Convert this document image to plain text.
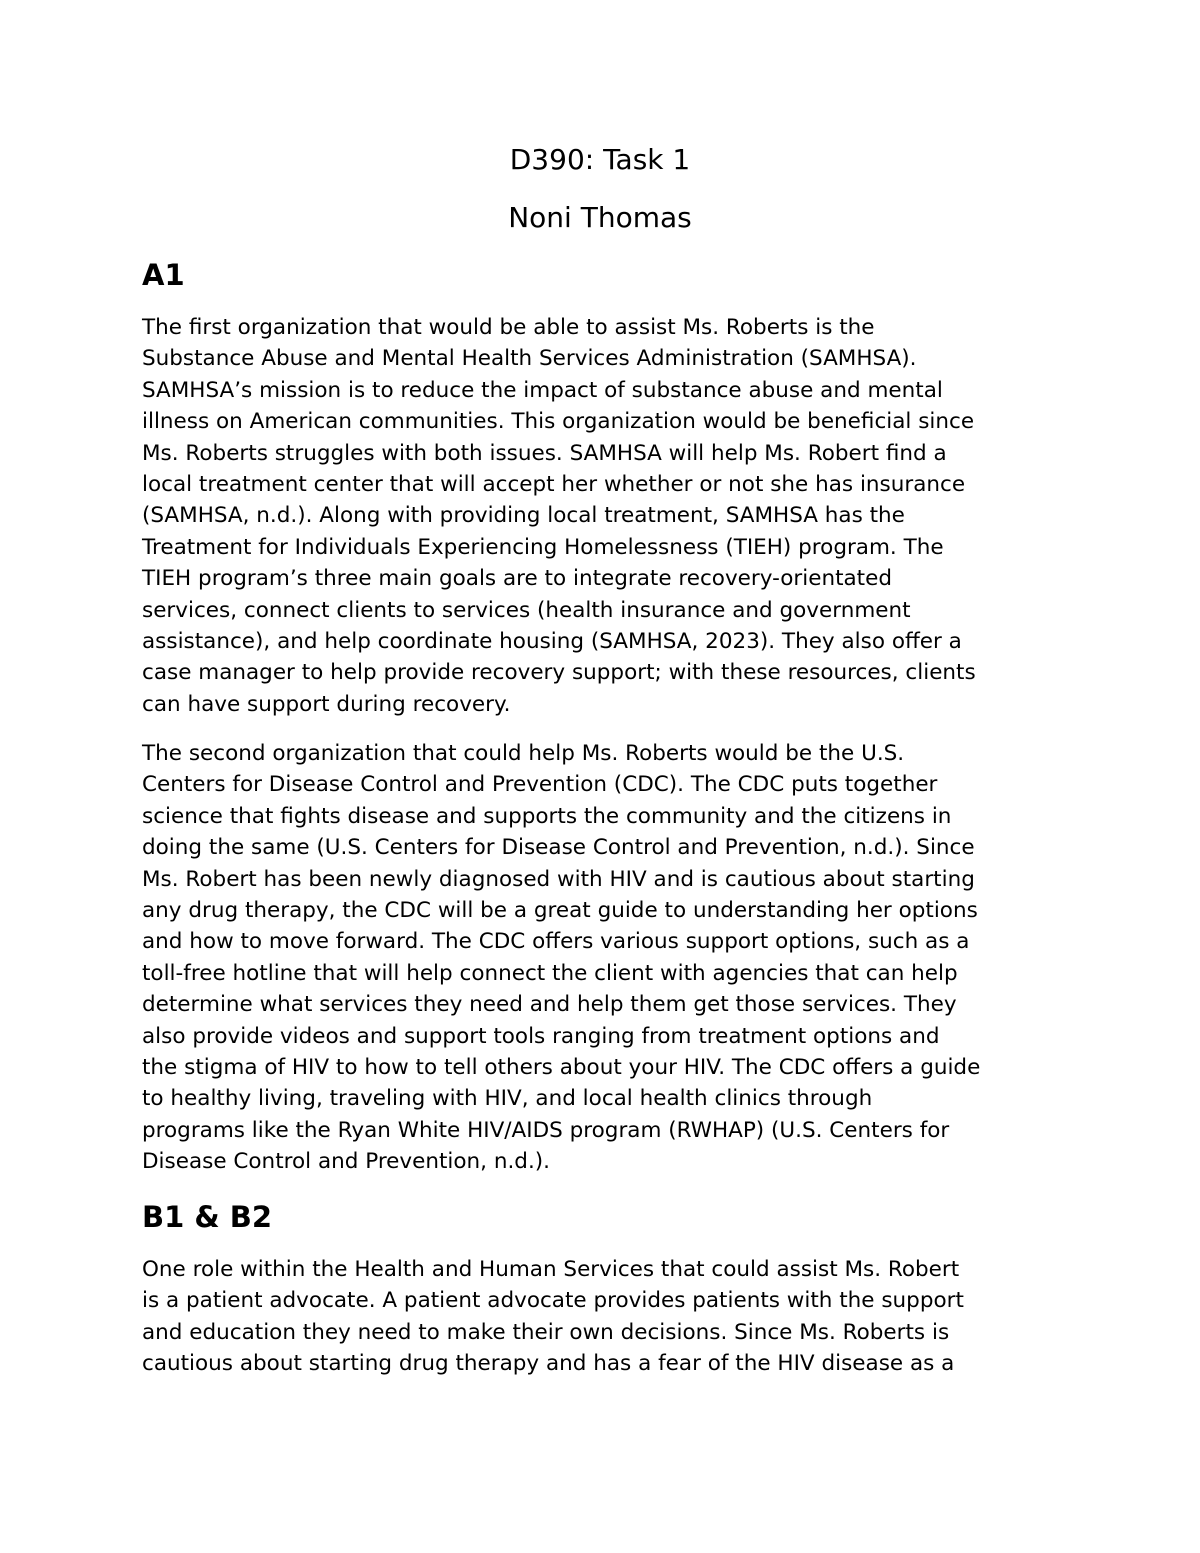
D390: Task 1
Noni Thomas
A1

The first organization that would be able to assist Ms. Roberts is the
Substance Abuse and Mental Health Services Administration (SAMHSA).
SAMHSA’s mission is to reduce the impact of substance abuse and mental
illness on American communities. This organization would be beneficial since
Ms. Roberts struggles with both issues. SAMHSA will help Ms. Robert find a
local treatment center that will accept her whether or not she has insurance
(SAMHSA, n.d.). Along with providing local treatment, SAMHSA has the
Treatment for Individuals Experiencing Homelessness (TIEH) program. The
TIEH program’s three main goals are to integrate recovery-orientated
services, connect clients to services (health insurance and government
assistance), and help coordinate housing (SAMHSA, 2023). They also offer a
case manager to help provide recovery support; with these resources, clients
can have support during recovery.

The second organization that could help Ms. Roberts would be the U.S.
Centers for Disease Control and Prevention (CDC). The CDC puts together
science that fights disease and supports the community and the citizens in
doing the same (U.S. Centers for Disease Control and Prevention, n.d.). Since
Ms. Robert has been newly diagnosed with HIV and is cautious about starting
any drug therapy, the CDC will be a great guide to understanding her options
and how to move forward. The CDC offers various support options, such as a
toll-free hotline that will help connect the client with agencies that can help
determine what services they need and help them get those services. They
also provide videos and support tools ranging from treatment options and
the stigma of HIV to how to tell others about your HIV. The CDC offers a guide
to healthy living, traveling with HIV, and local health clinics through
programs like the Ryan White HIV/AIDS program (RWHAP) (U.S. Centers for
Disease Control and Prevention, n.d.).

B1 & B2

One role within the Health and Human Services that could assist Ms. Robert
is a patient advocate. A patient advocate provides patients with the support
and education they need to make their own decisions. Since Ms. Roberts is
cautious about starting drug therapy and has a fear of the HIV disease as a
